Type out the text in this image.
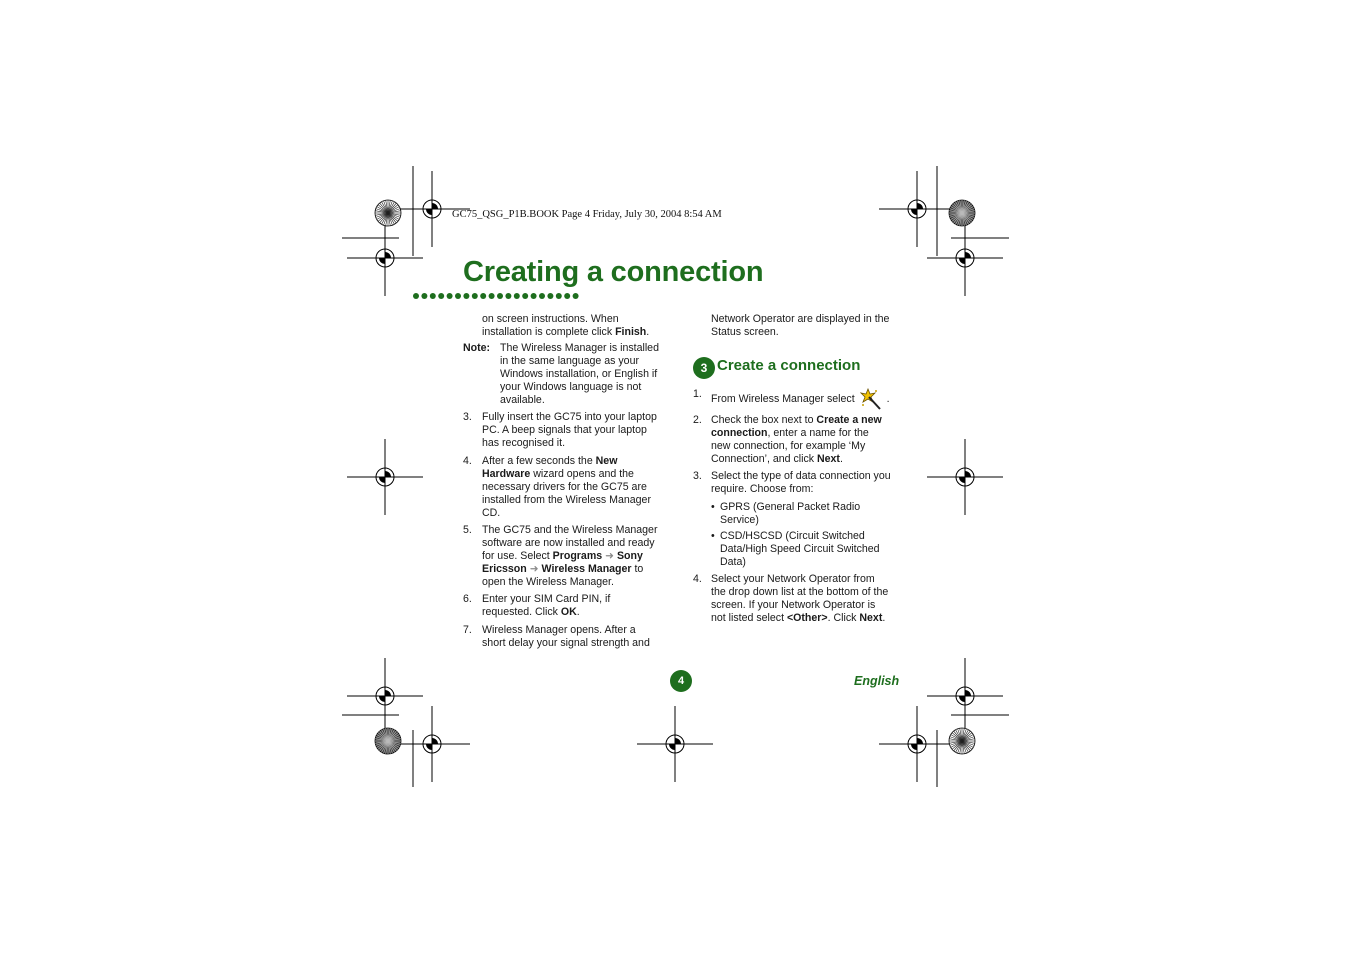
GC75_QSG_P1B.BOOK Page 4 Friday, July 30, 2004 8:54 AM
Creating a connection

on screen instructions. When

installation is complete click Finish.

Note: The Wireless Manager is installed

in the same language as your

Windows installation, or English if

your Windows language is not

available.

3. Fully insert the GC75 into your laptop

PC. A beep signals that your laptop

has recognised it.

4. After a few seconds the New

Hardware wizard opens and the

necessary drivers for the GC75 are

installed from the Wireless Manager

CD.

5. The GC75 and the Wireless Manager

software are now installed and ready

for use. Select Programs ➜ Sony

Ericsson ➜ Wireless Manager to

open the Wireless Manager.

6. Enter your SIM Card PIN, if

requested. Click OK.

7. Wireless Manager opens. After a

short delay your signal strength and

Network Operator are displayed in the

Status screen.

1. From Wireless Manager select	.
2. Check the box next to Create a new

connection, enter a name for the

new connection, for example ‘My

Connection’, and click Next.

3. Select the type of data connection you

require. Choose from:

• GPRS (General Packet Radio

Service)

• CSD/HSCSD (Circuit Switched

Data/High Speed Circuit Switched

Data)

4. Select your Network Operator from

the drop down list at the bottom of the

screen. If your Network Operator is

not listed select <Other>. Click Next.

3 Create a connection
4	English
